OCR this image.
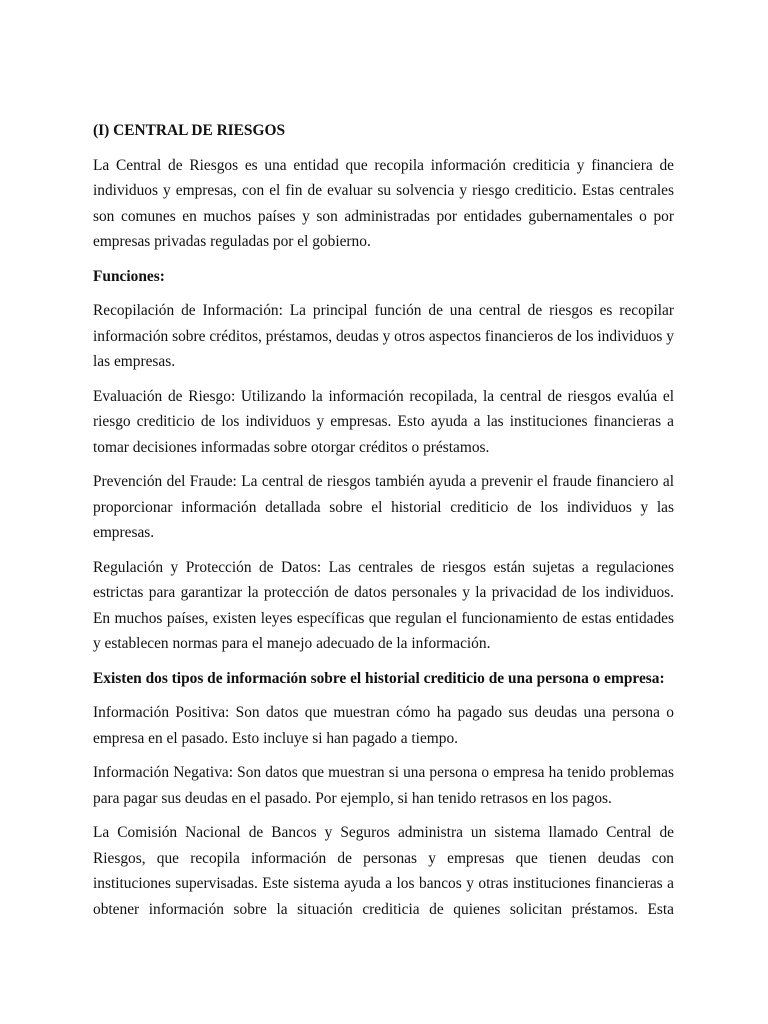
(I) CENTRAL DE RIESGOS

La Central de Riesgos es una entidad que recopila información crediticia y financiera de individuos y empresas, con el fin de evaluar su solvencia y riesgo crediticio. Estas centrales son comunes en muchos países y son administradas por entidades gubernamentales o por empresas privadas reguladas por el gobierno.

Funciones:

Recopilación de Información: La principal función de una central de riesgos es recopilar información sobre créditos, préstamos, deudas y otros aspectos financieros de los individuos y las empresas.

Evaluación de Riesgo: Utilizando la información recopilada, la central de riesgos evalúa el riesgo crediticio de los individuos y empresas. Esto ayuda a las instituciones financieras a tomar decisiones informadas sobre otorgar créditos o préstamos.

Prevención del Fraude: La central de riesgos también ayuda a prevenir el fraude financiero al proporcionar información detallada sobre el historial crediticio de los individuos y las empresas.

Regulación y Protección de Datos: Las centrales de riesgos están sujetas a regulaciones estrictas para garantizar la protección de datos personales y la privacidad de los individuos. En muchos países, existen leyes específicas que regulan el funcionamiento de estas entidades y establecen normas para el manejo adecuado de la información.

Existen dos tipos de información sobre el historial crediticio de una persona o empresa:

Información Positiva: Son datos que muestran cómo ha pagado sus deudas una persona o empresa en el pasado. Esto incluye si han pagado a tiempo.

Información Negativa: Son datos que muestran si una persona o empresa ha tenido problemas para pagar sus deudas en el pasado. Por ejemplo, si han tenido retrasos en los pagos.

La Comisión Nacional de Bancos y Seguros administra un sistema llamado Central de Riesgos, que recopila información de personas y empresas que tienen deudas con instituciones supervisadas. Este sistema ayuda a los bancos y otras instituciones financieras a obtener información sobre la situación crediticia de quienes solicitan préstamos. Esta
